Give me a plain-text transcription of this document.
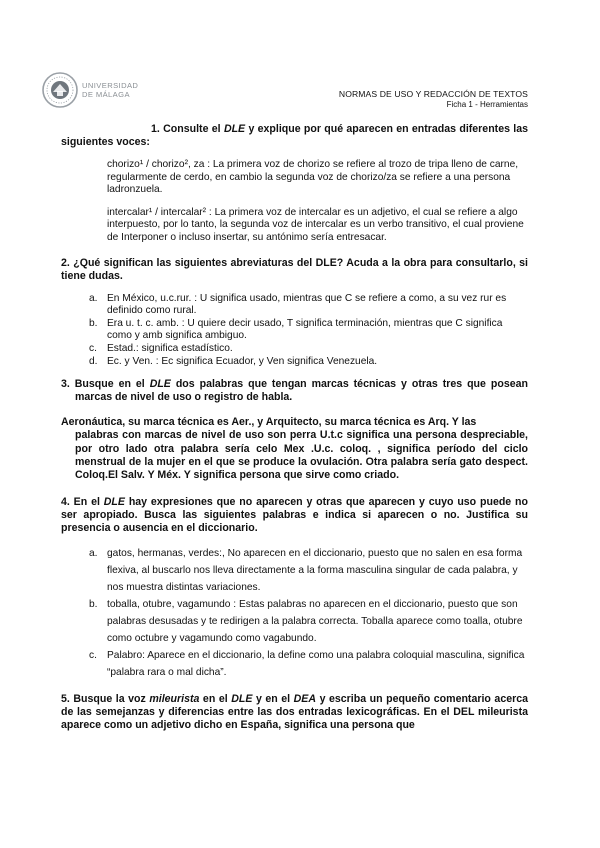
UNIVERSIDAD
DE MÁLAGA	NORMAS DE USO Y REDACCIÓN DE TEXTOS
Ficha 1 - Herramientas
1. Consulte el DLE y explique por qué aparecen en entradas diferentes las siguientes voces:

chorizo¹ / chorizo², za : La primera voz de chorizo se refiere al trozo de tripa lleno de carne, regularmente de cerdo, en cambio la segunda voz de chorizo/za se refiere a una persona ladronzuela.

intercalar¹ / intercalar² : La primera voz de intercalar es un adjetivo, el cual se refiere a algo interpuesto, por lo tanto, la segunda voz de intercalar es un verbo transitivo, el cual proviene de Interponer o incluso insertar, su antónimo sería entresacar.

2. ¿Qué significan las siguientes abreviaturas del DLE? Acuda a la obra para consultarlo, si tiene dudas.
a. En México, u.c.rur. : U significa usado, mientras que C se refiere a como, a su vez rur es definido como rural.
b. Era u. t. c. amb. : U quiere decir usado, T significa terminación, mientras que C significa como y amb significa ambiguo.
c. Estad.: significa estadístico.
d. Ec. y Ven. : Ec significa Ecuador, y Ven significa Venezuela.
3. Busque en el DLE dos palabras que tengan marcas técnicas y otras tres que posean marcas de nivel de uso o registro de habla.
Aeronáutica, su marca técnica es Aer., y Arquitecto, su marca técnica es Arq. Y las
palabras con marcas de nivel de uso son perra U.t.c significa una persona despreciable, por otro lado otra palabra sería celo Mex .U.c. coloq. , significa período del ciclo menstrual de la mujer en el que se produce la ovulación. Otra palabra sería gato despect. Coloq.El Salv. Y Méx. Y significa persona que sirve como criado.
4. En el DLE hay expresiones que no aparecen y otras que aparecen y cuyo uso puede no ser apropiado. Busca las siguientes palabras e indica si aparecen o no. Justifica su presencia o ausencia en el diccionario.
a. gatos, hermanas, verdes:, No aparecen en el diccionario, puesto que no salen en esa forma flexiva, al buscarlo nos lleva directamente a la forma masculina singular de cada palabra, y nos muestra distintas variaciones.
b. toballa, otubre, vagamundo : Estas palabras no aparecen en el diccionario, puesto que son palabras desusadas y te redirigen a la palabra correcta. Toballa aparece como toalla, otubre como octubre y vagamundo como vagabundo.
c. Palabro: Aparece en el diccionario, la define como una palabra coloquial masculina, significa “palabra rara o mal dicha”.
5. Busque la voz mileurista en el DLE y en el DEA y escriba un pequeño comentario acerca de las semejanzas y diferencias entre las dos entradas lexicográficas. En el DEL mileurista aparece como un adjetivo dicho en España, significa una persona que
